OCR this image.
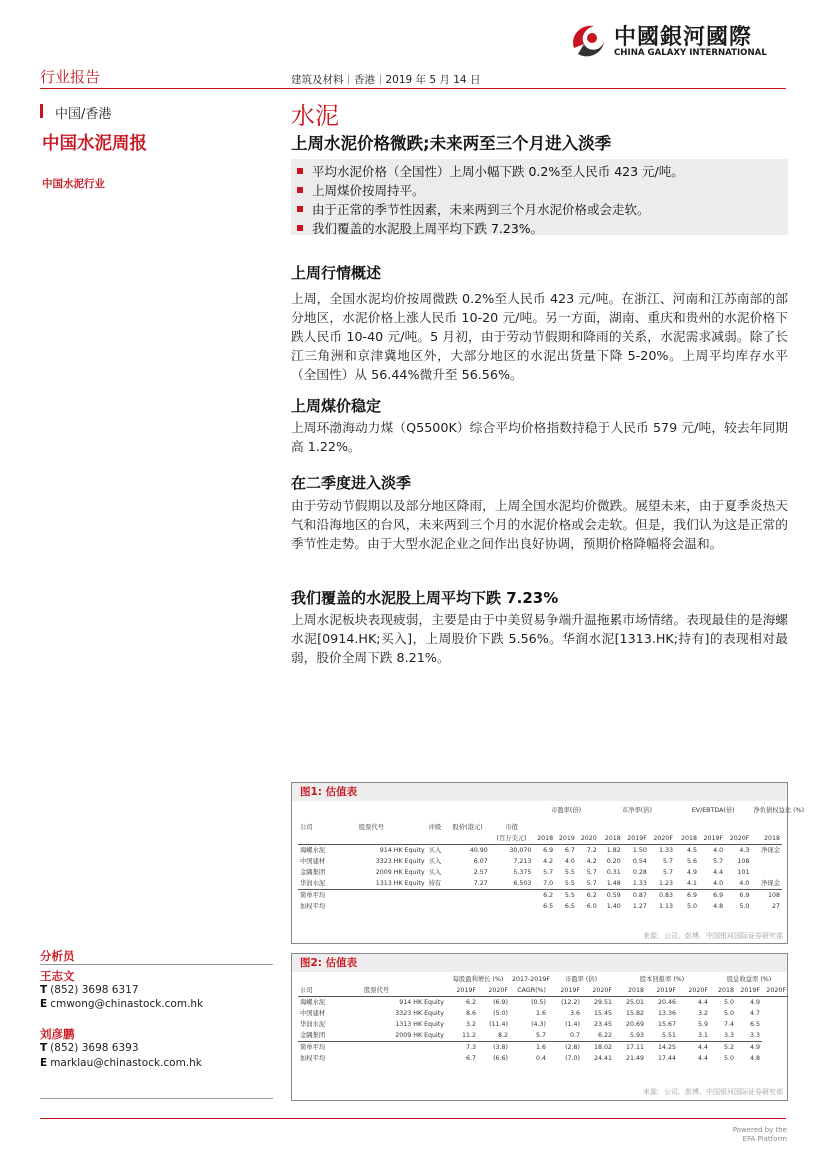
行业报告	建筑及材料｜香港｜2019 年 5 月 14 日
中國銀河國際
CHINA GALAXY INTERNATIONAL
中国/香港
中国水泥周报
中国水泥行业
水泥
上周水泥价格微跌;未来两至三个月进入淡季
平均水泥价格（全国性）上周小幅下跌 0.2%至人民币 423 元/吨。
上周煤价按周持平。
由于正常的季节性因素，未来两到三个月水泥价格或会走软。
我们覆盖的水泥股上周平均下跌 7.23%。
上周行情概述
上周，全国水泥均价按周微跌 0.2%至人民币 423 元/吨。在浙江、河南和江苏南部的部分地区，水泥价格上涨人民币 10-20 元/吨。另一方面，湖南、重庆和贵州的水泥价格下跌人民币 10-40 元/吨。5 月初，由于劳动节假期和降雨的关系，水泥需求减弱。除了长江三角洲和京津冀地区外，大部分地区的水泥出货量下降 5-20%。上周平均库存水平（全国性）从 56.44%微升至 56.56%。
上周煤价稳定
上周环渤海动力煤（Q5500K）综合平均价格指数持稳于人民币 579 元/吨，较去年同期高 1.22%。
在二季度进入淡季
由于劳动节假期以及部分地区降雨，上周全国水泥均价微跌。展望未来，由于夏季炎热天气和沿海地区的台风，未来两到三个月的水泥价格或会走软。但是，我们认为这是正常的季节性走势。由于大型水泥企业之间作出良好协调，预期价格降幅将会温和。
我们覆盖的水泥股上周平均下跌 7.23%
上周水泥板块表现疲弱，主要是由于中美贸易争端升温拖累市场情绪。表现最佳的是海螺水泥[0914.HK;买入]，上周股价下跌 5.56%。华润水泥[1313.HK;持有]的表现相对最弱，股价全周下跌 8.21%。
图1: 估值表
					市盈率(倍)			市净率(倍)			EV/EBTDA(倍)			净负债权益比 (%)

公司	股票代号	评级	股价(港元)	市值										
				(百万美元)	2018	2019	2020	2018	2019F	2020F	2018	2019F	2020F	2018
海螺水泥	914 HK Equity	买入	40.90	30,070	6.9	6.7	7.2	1.82	1.50	1.33	4.5	4.0	4.3	净现金
中国建材	3323 HK Equity	买入	6.07	7,213	4.2	4.0	4.2	0.20	0.54	5.7	5.6	5.7	108	
金隅集团	2009 HK Equity	买入	2.57	5,375	5.7	5.5	5.7	0.31	0.28	5.7	4.9	4.4	101	
华润水泥	1313 HK Equity	持有	7.27	6,503	7.0	5.5	5.7	1.48	1.33	1.23	4.1	4.0	4.0	净现金
简单平均					6.2	5.5	6.2	0.59	0.87	0.83	6.9	6.9	6.9	108
加权平均					6.5	6.5	6.0	1.40	1.27	1.13	5.0	4.8	5.0	27
来源：公司、彭博、中国银河国际证券研究部
图2: 估值表
		每股盈利增长 (%)		2017-2019F	市盈率 (倍)		股本回报率 (%)			股息收益率 (%)		
公司	股票代号	2019F	2020F	CAGR(%)	2019F	2020F	2018	2019F	2020F	2018	2019F	2020F
海螺水泥	914 HK Equity	6.2	(6.9)	(0.5)	(12.2)	29.51	25.01	20.46	4.4	5.0	4.9	
中国建材	3323 HK Equity	8.6	(5.0)	1.6	3.6	15.45	15.82	13.36	3.2	5.0	4.7	
华润水泥	1313 HK Equity	3.2	(11.4)	(4.3)	(1.4)	23.45	20.69	15.67	5.9	7.4	6.5	
金隅集团	2009 HK Equity	11.2	8.2	5.7	0.7	6.22	5.93	5.51	3.1	3.3	3.3	
简单平均		7.3	(3.8)	1.6	(2.8)	18.02	17.11	14.25	4.4	5.2	4.9	
加权平均		6.7	(6.6)	0.4	(7.0)	24.41	21.49	17.44	4.4	5.0	4.8	
来源：公司、彭博、中国银河国际证券研究部
分析员
王志文
T (852) 3698 6317
E cmwong@chinastock.com.hk
刘彦鹏
T (852) 3698 6393
E marklau@chinastock.com.hk
Powered by the
EFA Platform
